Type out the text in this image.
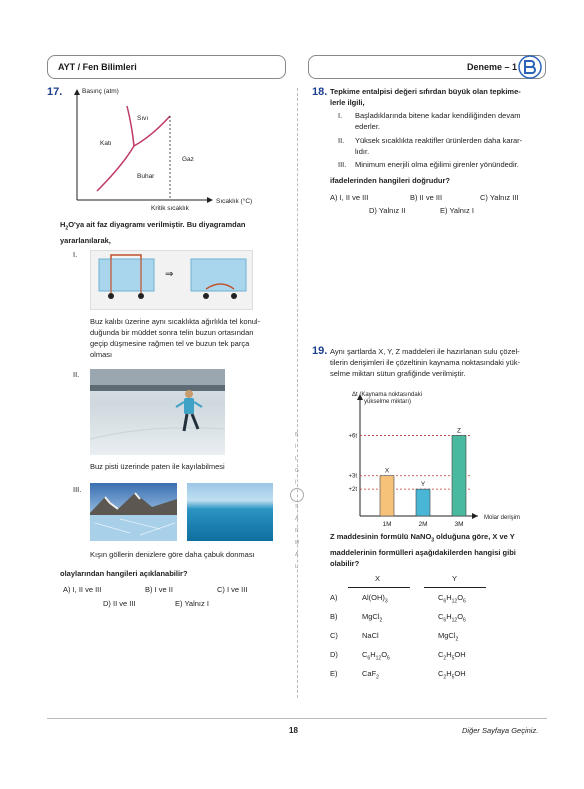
AYT / Fen Bilimleri	Deneme – 1
B
İ
L
G
İ
S
A
R
M
A
L
17.	Basınç (atm)
Sıvı
Katı
Gaz
Buhar
Sıcaklık (°C)
Kritik sıcaklık
$H_2O'ya$ ait faz diyagramı verilmiştir. Bu diyagramdan
yararlanılarak,
I.
⇒
Buz kalıbı üzerine aynı sıcaklıkta ağırlıkla tel konul-
duğunda bir müddet sonra telin buzun ortasından
geçip düşmesine rağmen tel ve buzun tek parça
olması
II.
Buz pisti üzerinde paten ile kayılabilmesi
III.
Kışın göllerin denizlere göre daha çabuk donması
olaylarından hangileri açıklanabilir?
A) I, II ve III	B) I ve II	C) I ve III
D) II ve III	E) Yalnız I
18. Tepkime entalpisi değeri sıfırdan büyük olan tepkime-
lerle ilgili,
I. Başladıklarında bitene kadar kendiliğinden devam
ederler.
II. Yüksek sıcaklıkta reaktifler ürünlerden daha karar-
lıdır.
III. Minimum enerjili olma eğilimi girenler yönündedir.
ifadelerinden hangileri doğrudur?
A) I, II ve III	B) II ve III	C) Yalnız III
D) Yalnız II	E) Yalnız I
19. Aynı şartlarda X, Y, Z maddeleri ile hazırlanan sulu çözel-
tilerin derişimleri ile çözeltinin kaynama noktasındaki yük-
selme miktarı sütun grafiğinde verilmiştir.
Δt (Kaynama noktasındaki
yükselme miktarı)
Molar derişim
+2t
+3t
+6t
X
1M
Y
2M
Z
3M
Z maddesinin formülü NaNO$_3$ olduğuna göre, X ve Y
maddelerinin formülleri aşağıdakilerden hangisi gibi
olabilir?
X	Y
A)	$Al(OH)_3$	$C_6H_{12}O_6$
B)	MgCl$_2$	$C_6H_{12}O_6$
C)	NaCl	MgCl$_2$
D)	$C_6H_{12}O_6$	$C_2H_5OH$
E)	CaF$_2$	$C_2H_5OH$
18	Diğer Sayfaya Geçiniz.
